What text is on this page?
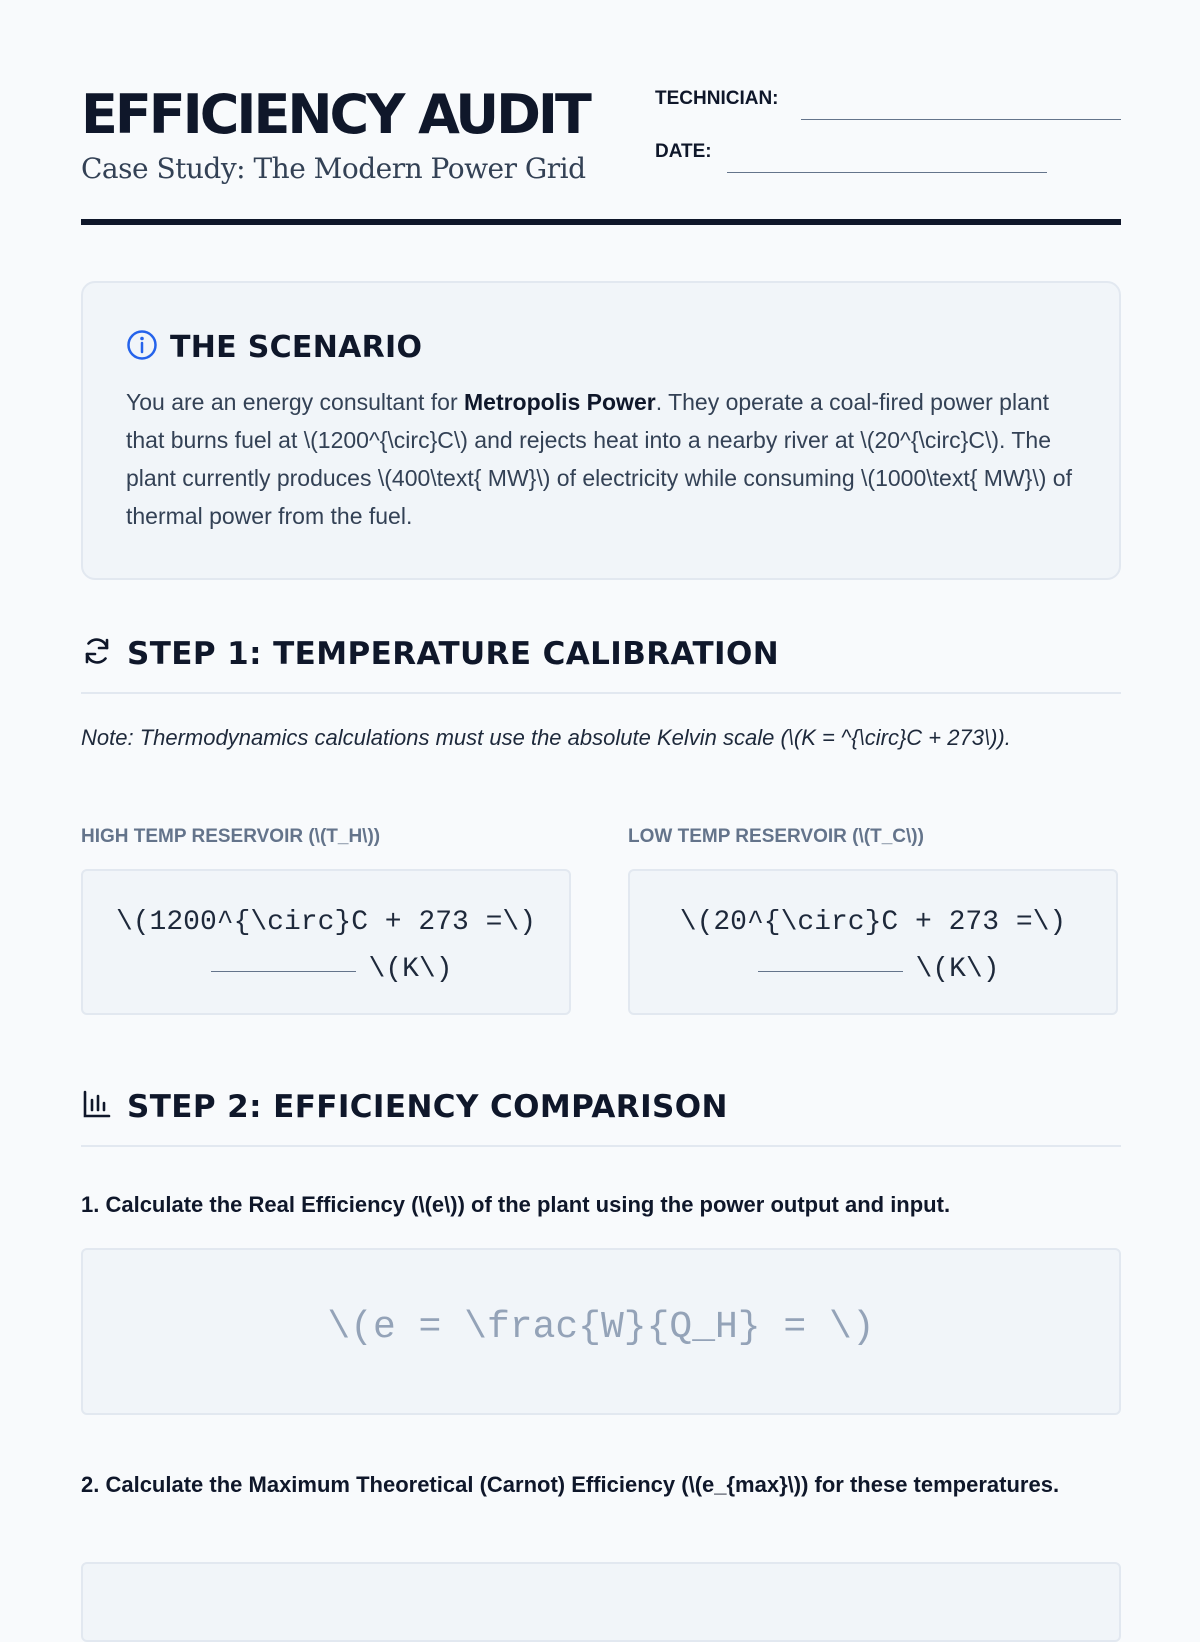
EFFICIENCY AUDIT
Case Study: The Modern Power Grid
TECHNICIAN:
DATE:
THE SCENARIO
You are an energy consultant for Metropolis Power. They operate a coal-fired power plant that burns fuel at \(1200^{\circ}C\) and rejects heat into a nearby river at \(20^{\circ}C\). The plant currently produces \(400\text{ MW}\) of electricity while consuming \(1000\text{ MW}\) of thermal power from the fuel.
STEP 1: TEMPERATURE CALIBRATION
Note: Thermodynamics calculations must use the absolute Kelvin scale (\(K = ^{\circ}C + 273\)).
HIGH TEMP RESERVOIR (\(T_H\))	LOW TEMP RESERVOIR (\(T_C\))
\(1200^{\circ}C + 273 =\)\(K\)
\(20^{\circ}C + 273 =\)\(K\)
STEP 2: EFFICIENCY COMPARISON
1. Calculate the Real Efficiency (\(e\)) of the plant using the power output and input.
\(e = \frac{W}{Q_H} = \)
2. Calculate the Maximum Theoretical (Carnot) Efficiency (\(e_{max}\)) for these temperatures.
